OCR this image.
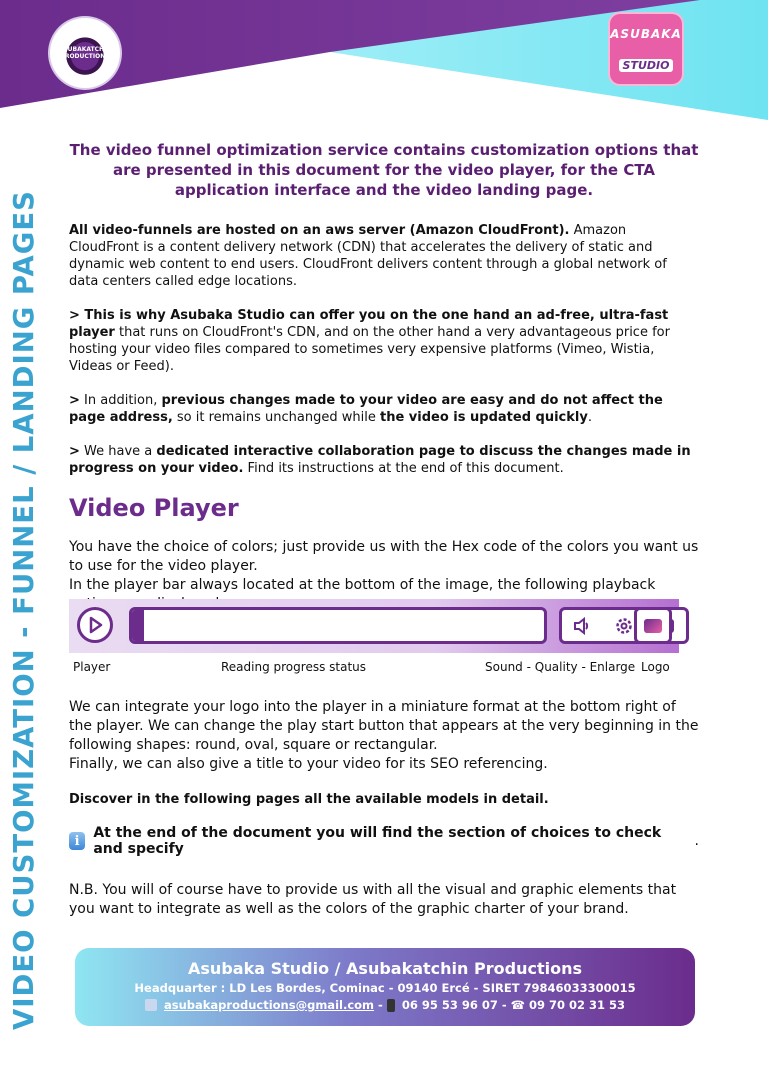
ASUBAKATCHIN PRODUCTIONS
ASUBAKA
STUDIO
VIDEO CUSTOMIZATION - FUNNEL / LANDING PAGES

The video funnel optimization service contains customization options that are presented in this document for the video player, for the CTA application interface and the video landing page.

All video-funnels are hosted on an aws server (Amazon CloudFront). Amazon CloudFront is a content delivery network (CDN) that accelerates the delivery of static and dynamic web content to end users. CloudFront delivers content through a global network of data centers called edge locations.

> This is why Asubaka Studio can offer you on the one hand an ad-free, ultra-fast player that runs on CloudFront's CDN, and on the other hand a very advantageous price for hosting your video files compared to sometimes very expensive platforms (Vimeo, Wistia, Videas or Feed).

> In addition, previous changes made to your video are easy and do not affect the page address, so it remains unchanged while the video is updated quickly.

> We have a dedicated interactive collaboration page to discuss the changes made in progress on your video. Find its instructions at the end of this document.

Video Player

You have the choice of colors; just provide us with the Hex code of the colors you want us to use for the video player.

In the player bar always located at the bottom of the image, the following playback

Player	Reading progress status	Sound - Quality - Enlarge Logo

We can integrate your logo into the player in a miniature format at the bottom right of the player. We can change the play start button that appears at the very beginning in the following shapes: round, oval, square or rectangular.

Finally, we can also give a title to your video for its SEO referencing.

Discover in the following pages all the available models in detail.

i At the end of the document you will find the section of choices to check and specify	.

N.B. You will of course have to provide us with all the visual and graphic elements that you want to integrate as well as the colors of the graphic charter of your brand.

Asubaka Studio / Asubakatchin Productions
Headquarter : LD Les Bordes, Cominac - 09140 Ercé - SIRET 79846033300015
asubakaproductions@gmail.com - 06 95 53 96 07 - ☎ 09 70 02 31 53
